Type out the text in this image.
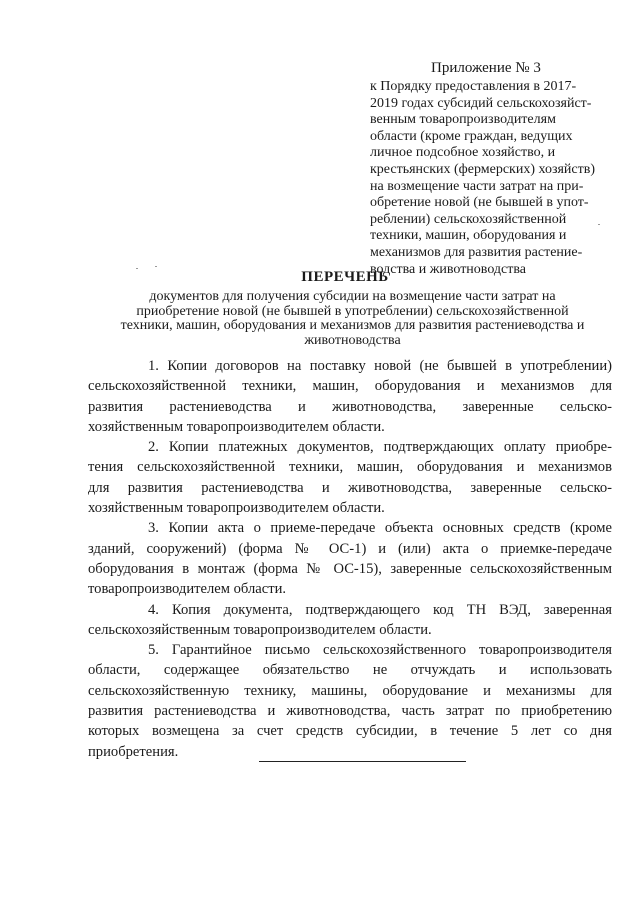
Приложение № 3
к Порядку предоставления в 2017-
2019 годах субсидий сельскохозяйст-
венным товаропроизводителям
области (кроме граждан, ведущих
личное подсобное хозяйство, и
крестьянских (фермерских) хозяйств)
на возмещение части затрат на при-
обретение новой (не бывшей в упот-
реблении) сельскохозяйственной
техники, машин, оборудования и
механизмов для развития растение-
водства и животноводства
ПЕРЕЧЕНЬ
документов для получения субсидии на возмещение части затрат на
приобретение новой (не бывшей в употреблении) сельскохозяйственной
техники, машин, оборудования и механизмов для развития растениеводства и
животноводства
1. Копии договоров на поставку новой (не бывшей в употреблении)
сельскохозяйственной техники, машин, оборудования и механизмов для
развития растениеводства и животноводства, заверенные сельско-
хозяйственным товаропроизводителем области.
2. Копии платежных документов, подтверждающих оплату приобре-
тения сельскохозяйственной техники, машин, оборудования и механизмов
для развития растениеводства и животноводства, заверенные сельско-
хозяйственным товаропроизводителем области.
3. Копии акта о приеме-передаче объекта основных средств (кроме
зданий, сооружений) (форма № ОС-1) и (или) акта о приемке-передаче
оборудования в монтаж (форма № ОС-15), заверенные сельскохозяйственным
товаропроизводителем области.
4. Копия документа, подтверждающего код ТН ВЭД, заверенная
сельскохозяйственным товаропроизводителем области.
5. Гарантийное письмо сельскохозяйственного товаропроизводителя
области, содержащее обязательство не отчуждать и использовать
сельскохозяйственную технику, машины, оборудование и механизмы для
развития растениеводства и животноводства, часть затрат по приобретению
которых возмещена за счет средств субсидии, в течение 5 лет со дня
приобретения.
